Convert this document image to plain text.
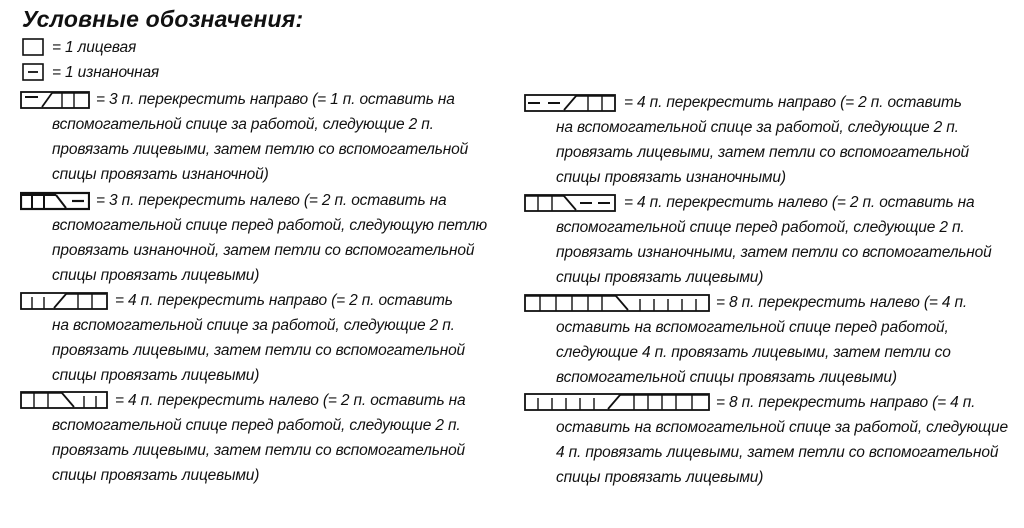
Условные обозначения:
= 1 лицевая
= 1 изнаночная
= 3 п. перекрестить направо (= 1 п. оставить на
вспомогательной спице за работой, следующие 2 п.
провязать лицевыми, затем петлю со вспомогательной
спицы провязать изнаночной)
= 3 п. перекрестить налево (= 2 п. оставить на
вспомогательной спице перед работой, следующую петлю
провязать изнаночной, затем петли со вспомогательной
спицы провязать лицевыми)
= 4 п. перекрестить направо (= 2 п. оставить
на вспомогательной спице за работой, следующие 2 п.
провязать лицевыми, затем петли со вспомогательной
спицы провязать лицевыми)
= 4 п. перекрестить налево (= 2 п. оставить на
вспомогательной спице перед работой, следующие 2 п.
провязать лицевыми, затем петли со вспомогательной
спицы провязать лицевыми)
= 4 п. перекрестить направо (= 2 п. оставить
на вспомогательной спице за работой, следующие 2 п.
провязать лицевыми, затем петли со вспомогательной
спицы провязать изнаночными)
= 4 п. перекрестить налево (= 2 п. оставить на
вспомогательной спице перед работой, следующие 2 п.
провязать изнаночными, затем петли со вспомогательной
спицы провязать лицевыми)
= 8 п. перекрестить налево (= 4 п.
оставить на вспомогательной спице перед работой,
следующие 4 п. провязать лицевыми, затем петли со
вспомогательной спицы провязать лицевыми)
= 8 п. перекрестить направо (= 4 п.
оставить на вспомогательной спице за работой, следующие
4 п. провязать лицевыми, затем петли со вспомогательной
спицы провязать лицевыми)
